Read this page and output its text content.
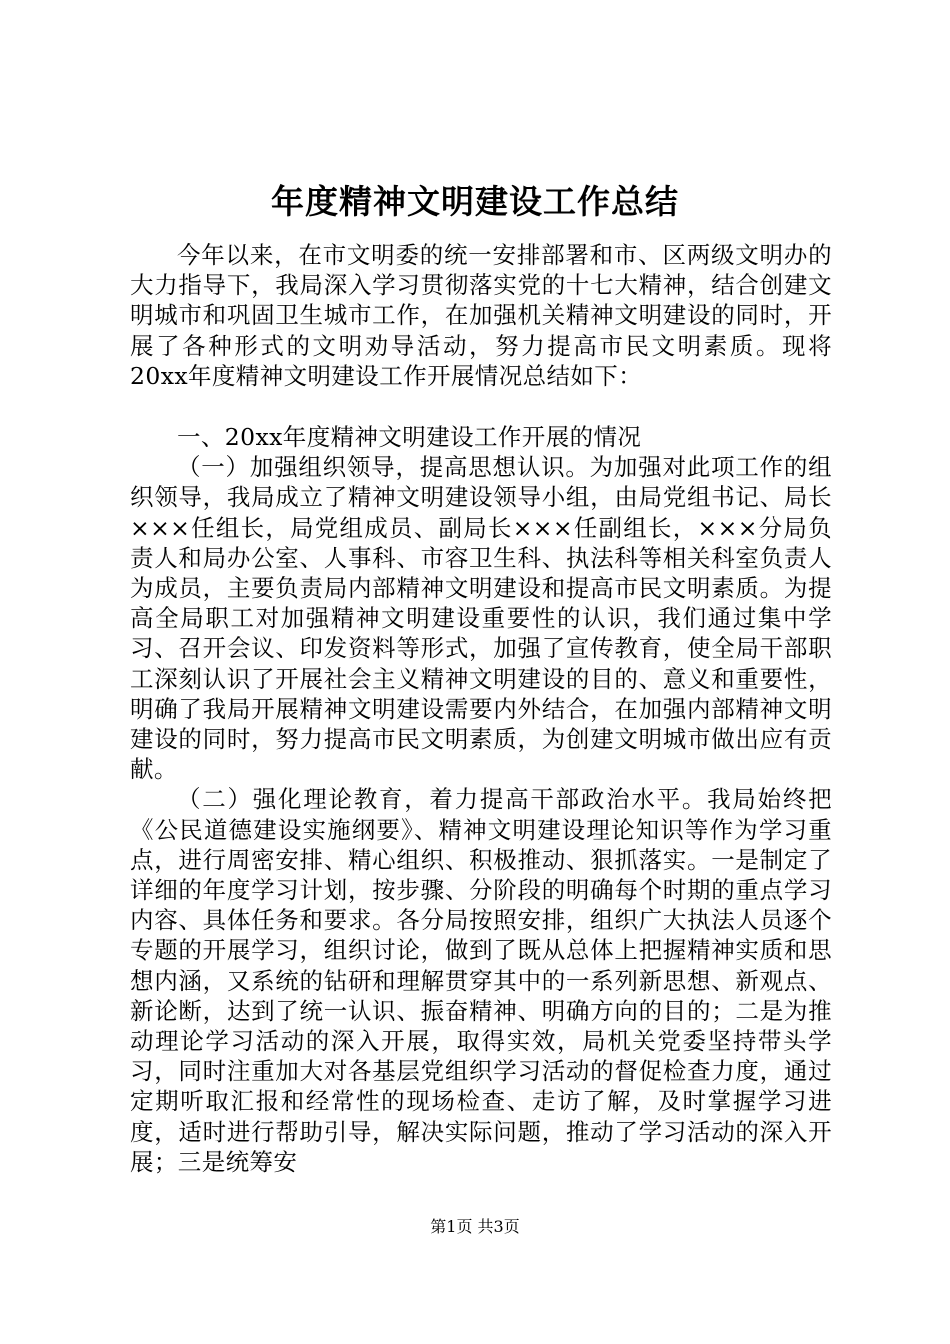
年度精神文明建设工作总结

今年以来，在市文明委的统一安排部署和市、区两级文明办的大力指导下，我局深入学习贯彻落实党的十七大精神，结合创建文明城市和巩固卫生城市工作，在加强机关精神文明建设的同时，开展了各种形式的文明劝导活动，努力提高市民文明素质。现将20xx年度精神文明建设工作开展情况总结如下：

一、20xx年度精神文明建设工作开展的情况

（一）加强组织领导，提高思想认识。为加强对此项工作的组织领导，我局成立了精神文明建设领导小组，由局党组书记、局长×××任组长，局党组成员、副局长×××任副组长，×××分局负责人和局办公室、人事科、市容卫生科、执法科等相关科室负责人为成员，主要负责局内部精神文明建设和提高市民文明素质。为提高全局职工对加强精神文明建设重要性的认识，我们通过集中学习、召开会议、印发资料等形式，加强了宣传教育，使全局干部职工深刻认识了开展社会主义精神文明建设的目的、意义和重要性，明确了我局开展精神文明建设需要内外结合，在加强内部精神文明建设的同时，努力提高市民文明素质，为创建文明城市做出应有贡献。

（二）强化理论教育，着力提高干部政治水平。我局始终把《公民道德建设实施纲要》、精神文明建设理论知识等作为学习重点，进行周密安排、精心组织、积极推动、狠抓落实。一是制定了详细的年度学习计划，按步骤、分阶段的明确每个时期的重点学习内容、具体任务和要求。各分局按照安排，组织广大执法人员逐个专题的开展学习，组织讨论，做到了既从总体上把握精神实质和思想内涵，又系统的钻研和理解贯穿其中的一系列新思想、新观点、新论断，达到了统一认识、振奋精神、明确方向的目的；二是为推动理论学习活动的深入开展，取得实效，局机关党委坚持带头学习，同时注重加大对各基层党组织学习活动的督促检查力度，通过定期听取汇报和经常性的现场检查、走访了解，及时掌握学习进度，适时进行帮助引导，解决实际问题，推动了学习活动的深入开展；三是统筹安

第1页 共3页
